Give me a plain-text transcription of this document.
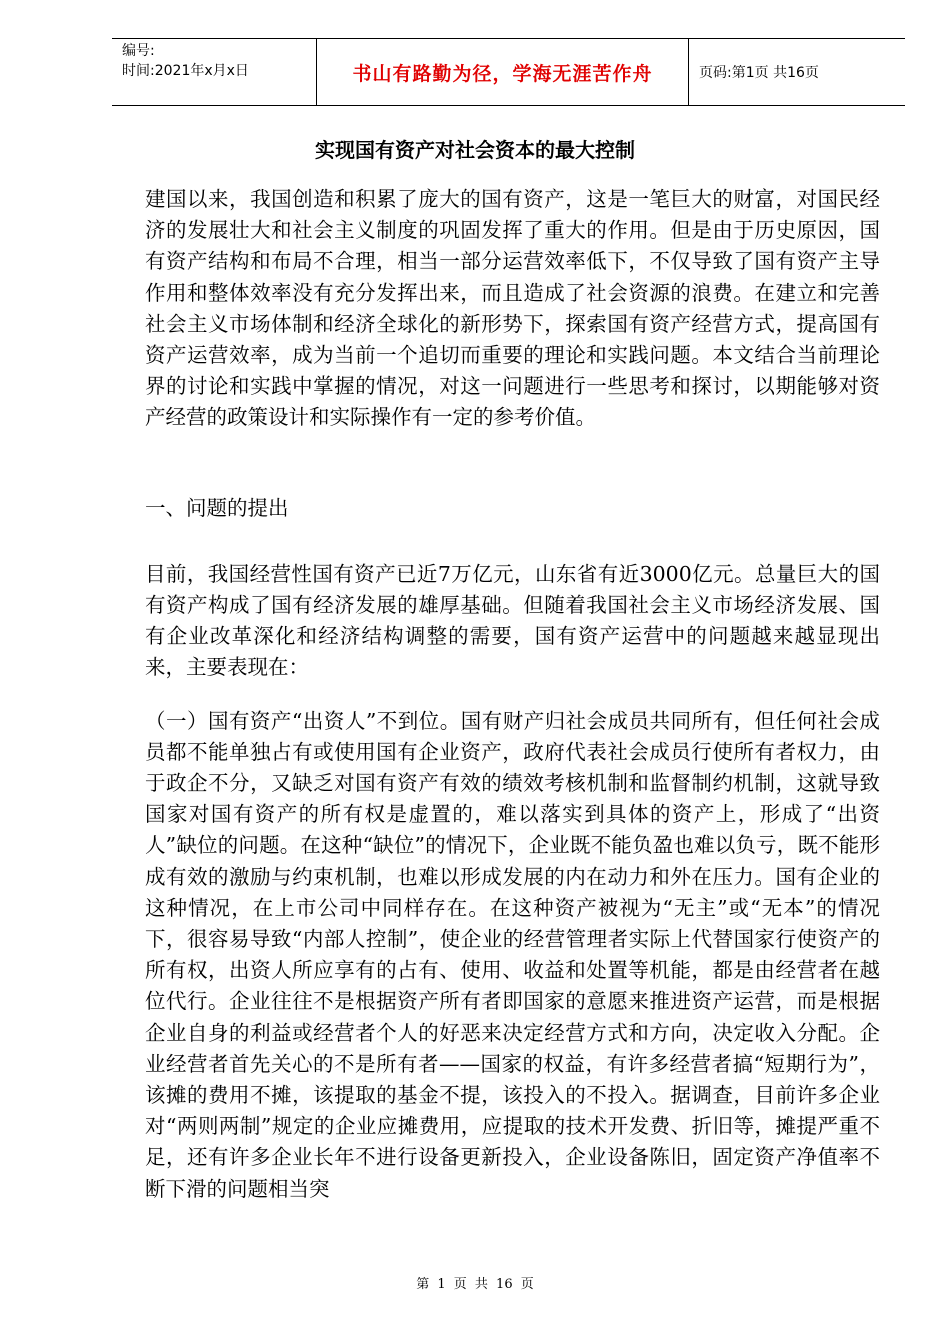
编号:
时间:2021年x月x日	书山有路勤为径，学海无涯苦作舟	页码:第1页 共16页
实现国有资产对社会资本的最大控制

建国以来，我国创造和积累了庞大的国有资产，这是一笔巨大的财富，对国民经济的发展壮大和社会主义制度的巩固发挥了重大的作用。但是由于历史原因，国有资产结构和布局不合理，相当一部分运营效率低下，不仅导致了国有资产主导作用和整体效率没有充分发挥出来，而且造成了社会资源的浪费。在建立和完善社会主义市场体制和经济全球化的新形势下，探索国有资产经营方式，提高国有资产运营效率，成为当前一个追切而重要的理论和实践问题。本文结合当前理论界的讨论和实践中掌握的情况，对这一问题进行一些思考和探讨，以期能够对资产经营的政策设计和实际操作有一定的参考价值。

一、问题的提出

目前，我国经营性国有资产已近7万亿元，山东省有近3000亿元。总量巨大的国有资产构成了国有经济发展的雄厚基础。但随着我国社会主义市场经济发展、国有企业改革深化和经济结构调整的需要，国有资产运营中的问题越来越显现出来，主要表现在：

（一）国有资产“出资人”不到位。国有财产归社会成员共同所有，但任何社会成员都不能单独占有或使用国有企业资产，政府代表社会成员行使所有者权力，由于政企不分，又缺乏对国有资产有效的绩效考核机制和监督制约机制，这就导致国家对国有资产的所有权是虚置的，难以落实到具体的资产上，形成了“出资人”缺位的问题。在这种“缺位”的情况下，企业既不能负盈也难以负亏，既不能形成有效的激励与约束机制，也难以形成发展的内在动力和外在压力。国有企业的这种情况，在上市公司中同样存在。在这种资产被视为“无主”或“无本”的情况下，很容易导致“内部人控制”，使企业的经营管理者实际上代替国家行使资产的所有权，出资人所应享有的占有、使用、收益和处置等机能，都是由经营者在越位代行。企业往往不是根据资产所有者即国家的意愿来推进资产运营，而是根据企业自身的利益或经营者个人的好恶来决定经营方式和方向，决定收入分配。企业经营者首先关心的不是所有者——国家的权益，有许多经营者搞“短期行为”，该摊的费用不摊，该提取的基金不提，该投入的不投入。据调查，目前许多企业对“两则两制”规定的企业应摊费用，应提取的技术开发费、折旧等，摊提严重不足，还有许多企业长年不进行设备更新投入，企业设备陈旧，固定资产净值率不断下滑的问题相当突

第 1 页 共 16 页
